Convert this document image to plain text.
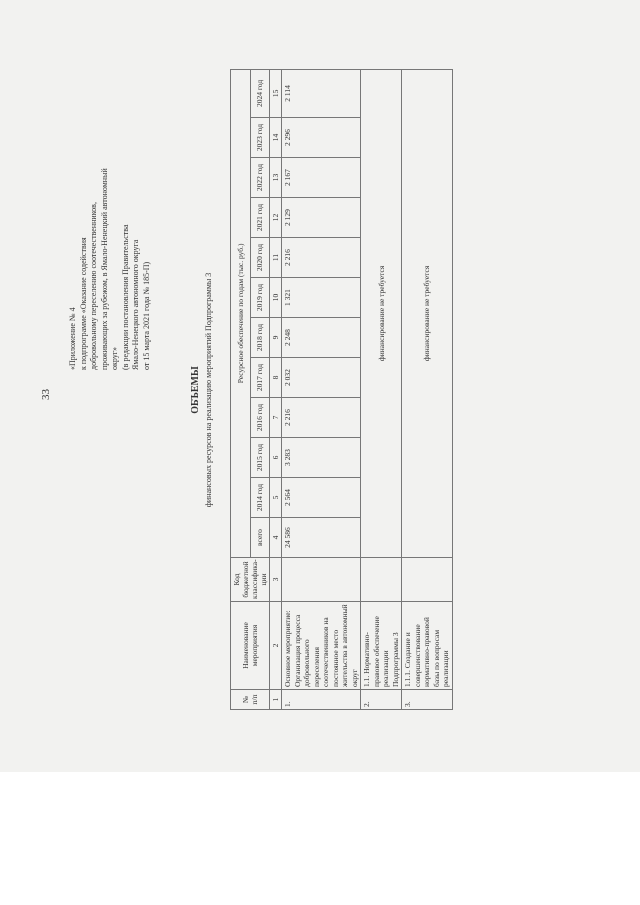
33
«Приложение № 4 к подпрограмме «Оказание содействия добровольному переселению соотечественников, проживающих за рубежом, в Ямало-Ненецкий автономный округ» (в редакции постановления Правительства Ямало-Ненецкого автономного округа от 15 марта 2021 года № 185-П)
ОБЪЕМЫ финансовых ресурсов на реализацию мероприятий Подпрограммы 3
№ п/п	Наименование мероприятия	Код бюджетной классифика-ции	Ресурсное обеспечение по годам (тыс. руб.)											
			всего	2014 год	2015 год	2016 год	2017 год	2018 год	2019 год	2020 год	2021 год	2022 год	2023 год	2024 год
1	2	3	4	5	6	7	8	9	10	11	12	13	14	15
1.	Основное мероприятие: Организация процесса добровольного переселения соотечественников на постоянное место жительства в автономный округ		24 586	2 564	3 283	2 216	2 032	2 248	1 321	2 216	2 129	2 167	2 296	2 114
2.	1.1. Нормативно-правовое обеспечение реализации Подпрограммы 3		финансирование не требуется											
3.	1.1.1. Создание и совершенствование нормативно-правовой базы по вопросам реализации		финансирование не требуется											
